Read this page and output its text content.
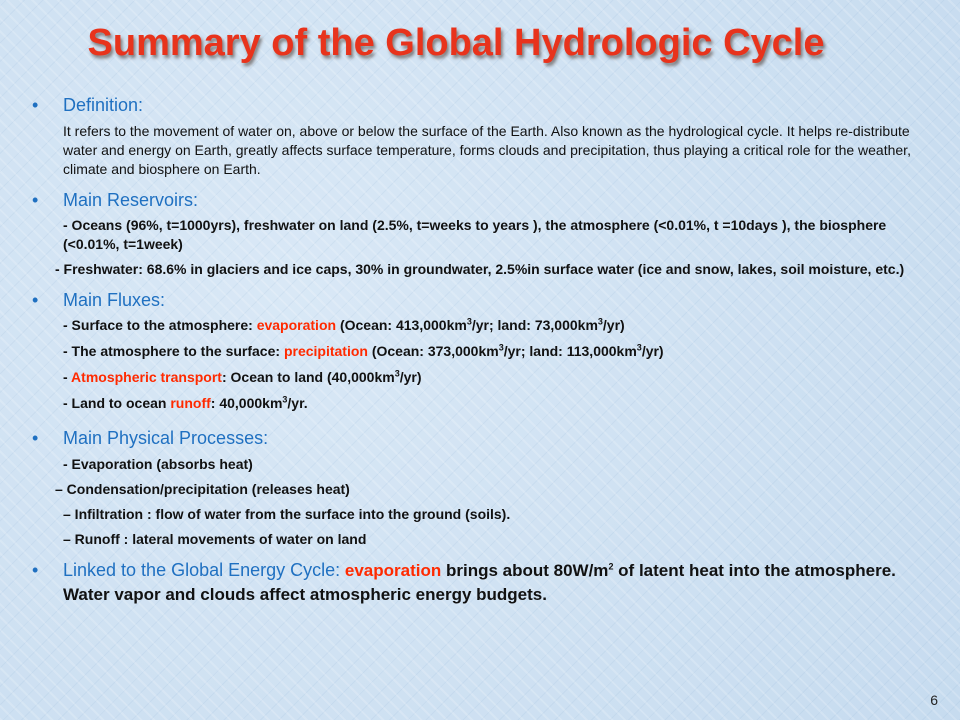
Summary of the Global Hydrologic Cycle
• Definition:
It refers to the movement of water on, above or below the surface of the Earth. Also known as the hydrological cycle. It helps re-distribute water and energy on Earth, greatly affects surface temperature, forms clouds and precipitation, thus playing a critical role for the weather, climate and biosphere on Earth.
• Main Reservoirs:
- Oceans (96%, t=1000yrs), freshwater on land (2.5%, t=weeks to years ), the atmosphere (<0.01%, t =10days ), the biosphere (<0.01%, t=1week)
- Freshwater: 68.6% in glaciers and ice caps, 30% in groundwater, 2.5%in surface water (ice and snow, lakes, soil moisture, etc.)
• Main Fluxes:
- Surface to the atmosphere: evaporation (Ocean: $413,000km^3/yr$; land: $73,000km^3/yr$)
- The atmosphere to the surface: precipitation (Ocean: $373,000km^3/yr$; land: $113,000km^3/yr$)
- Atmospheric transport: Ocean to land $(40,000km^3/yr)$
- Land to ocean runoff: $40,000km^3/yr$.
• Main Physical Processes:
- Evaporation (absorbs heat)
– Condensation/precipitation (releases heat)
– Infiltration : flow of water from the surface into the ground (soils).
– Runoff : lateral movements of water on land
• Linked to the Global Energy Cycle: evaporation brings about $80W/m^2$ of latent heat into the atmosphere. Water vapor and clouds affect atmospheric energy budgets.
6
